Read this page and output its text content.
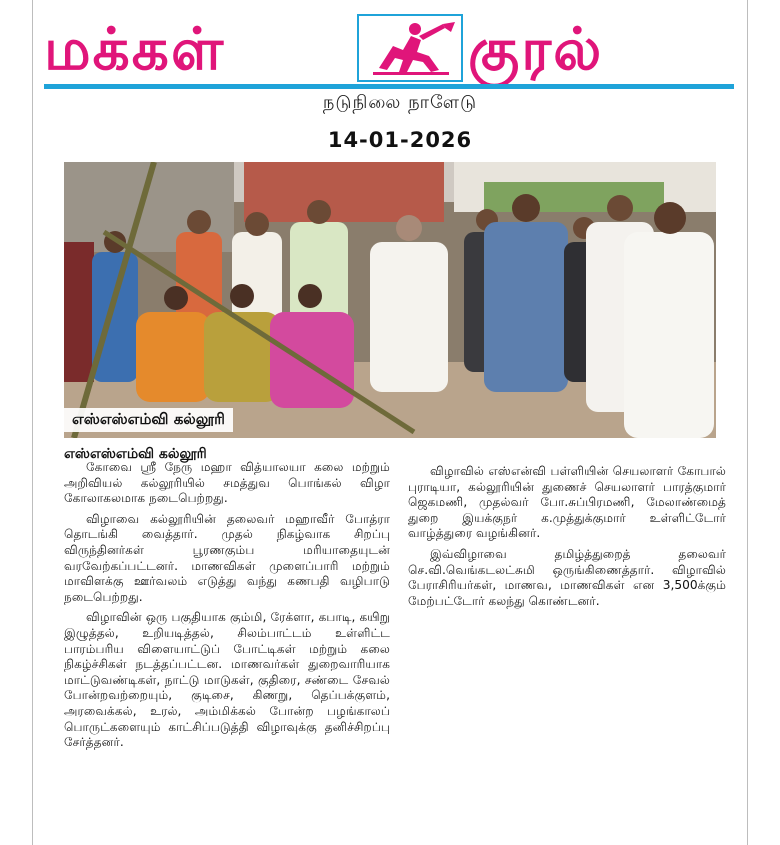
மக்கள்	குரல்
நடுநிலை நாளேடு
14-01-2026
எஸ்எஸ்எம்வி கல்லூரி
எஸ்எஸ்எம்வி கல்லூரி

கோவை ஸ்ரீ நேரு மஹா வித்யாலயா கலை மற்றும் அறிவியல் கல்லூரியில் சமத்துவ பொங்கல் விழா கோலாகலமாக நடைபெற்றது.

விழாவை கல்லூரியின் தலைவர் மஹாவீர் போத்ரா தொடங்கி வைத்தார். முதல் நிகழ்வாக சிறப்பு விருந்தினர்கள் பூரணகும்ப மரியாதையுடன் வரவேற்கப்பட்டனர். மாணவிகள் முளைப்பாரி மற்றும் மாவிளக்கு ஊர்வலம் எடுத்து வந்து கணபதி வழிபாடு நடைபெற்றது.

விழாவின் ஒரு பகுதியாக கும்மி, ரேக்ளா, கபாடி, கயிறு இழுத்தல், உறியடித்தல், சிலம்பாட்டம் உள்ளிட்ட பாரம்பரிய விளையாட்டுப் போட்டிகள் மற்றும் கலை நிகழ்ச்சிகள் நடத்தப்பட்டன. மாணவர்கள் துறைவாரியாக மாட்டுவண்டிகள், நாட்டு மாடுகள், குதிரை, சண்டை சேவல் போன்றவற்றையும், குடிசை, கிணறு, தெப்பக்குளம், அரவைக்கல், உரல், அம்மிக்கல் போன்ற பழங்காலப் பொருட்களையும் காட்சிப்படுத்தி விழாவுக்கு தனிச்சிறப்பு சேர்த்தனர்.

விழாவில் எஸ்என்வி பள்ளியின் செயலாளர் கோபால் புராடியா, கல்லூரியின் துணைச் செயலாளர் பாரத்குமார் ஜெகமணி, முதல்வர் போ.சுப்பிரமணி, மேலாண்மைத் துறை இயக்குநர் க.முத்துக்குமார் உள்ளிட்டோர் வாழ்த்துரை வழங்கினர்.

இவ்விழாவை தமிழ்த்துறைத் தலைவர் செ.வி.வெங்கடலட்சுமி ஒருங்கிணைத்தார். விழாவில் பேராசிரியர்கள், மாணவ, மாணவிகள் என 3,500க்கும் மேற்பட்டோர் கலந்து கொண்டனர்.
